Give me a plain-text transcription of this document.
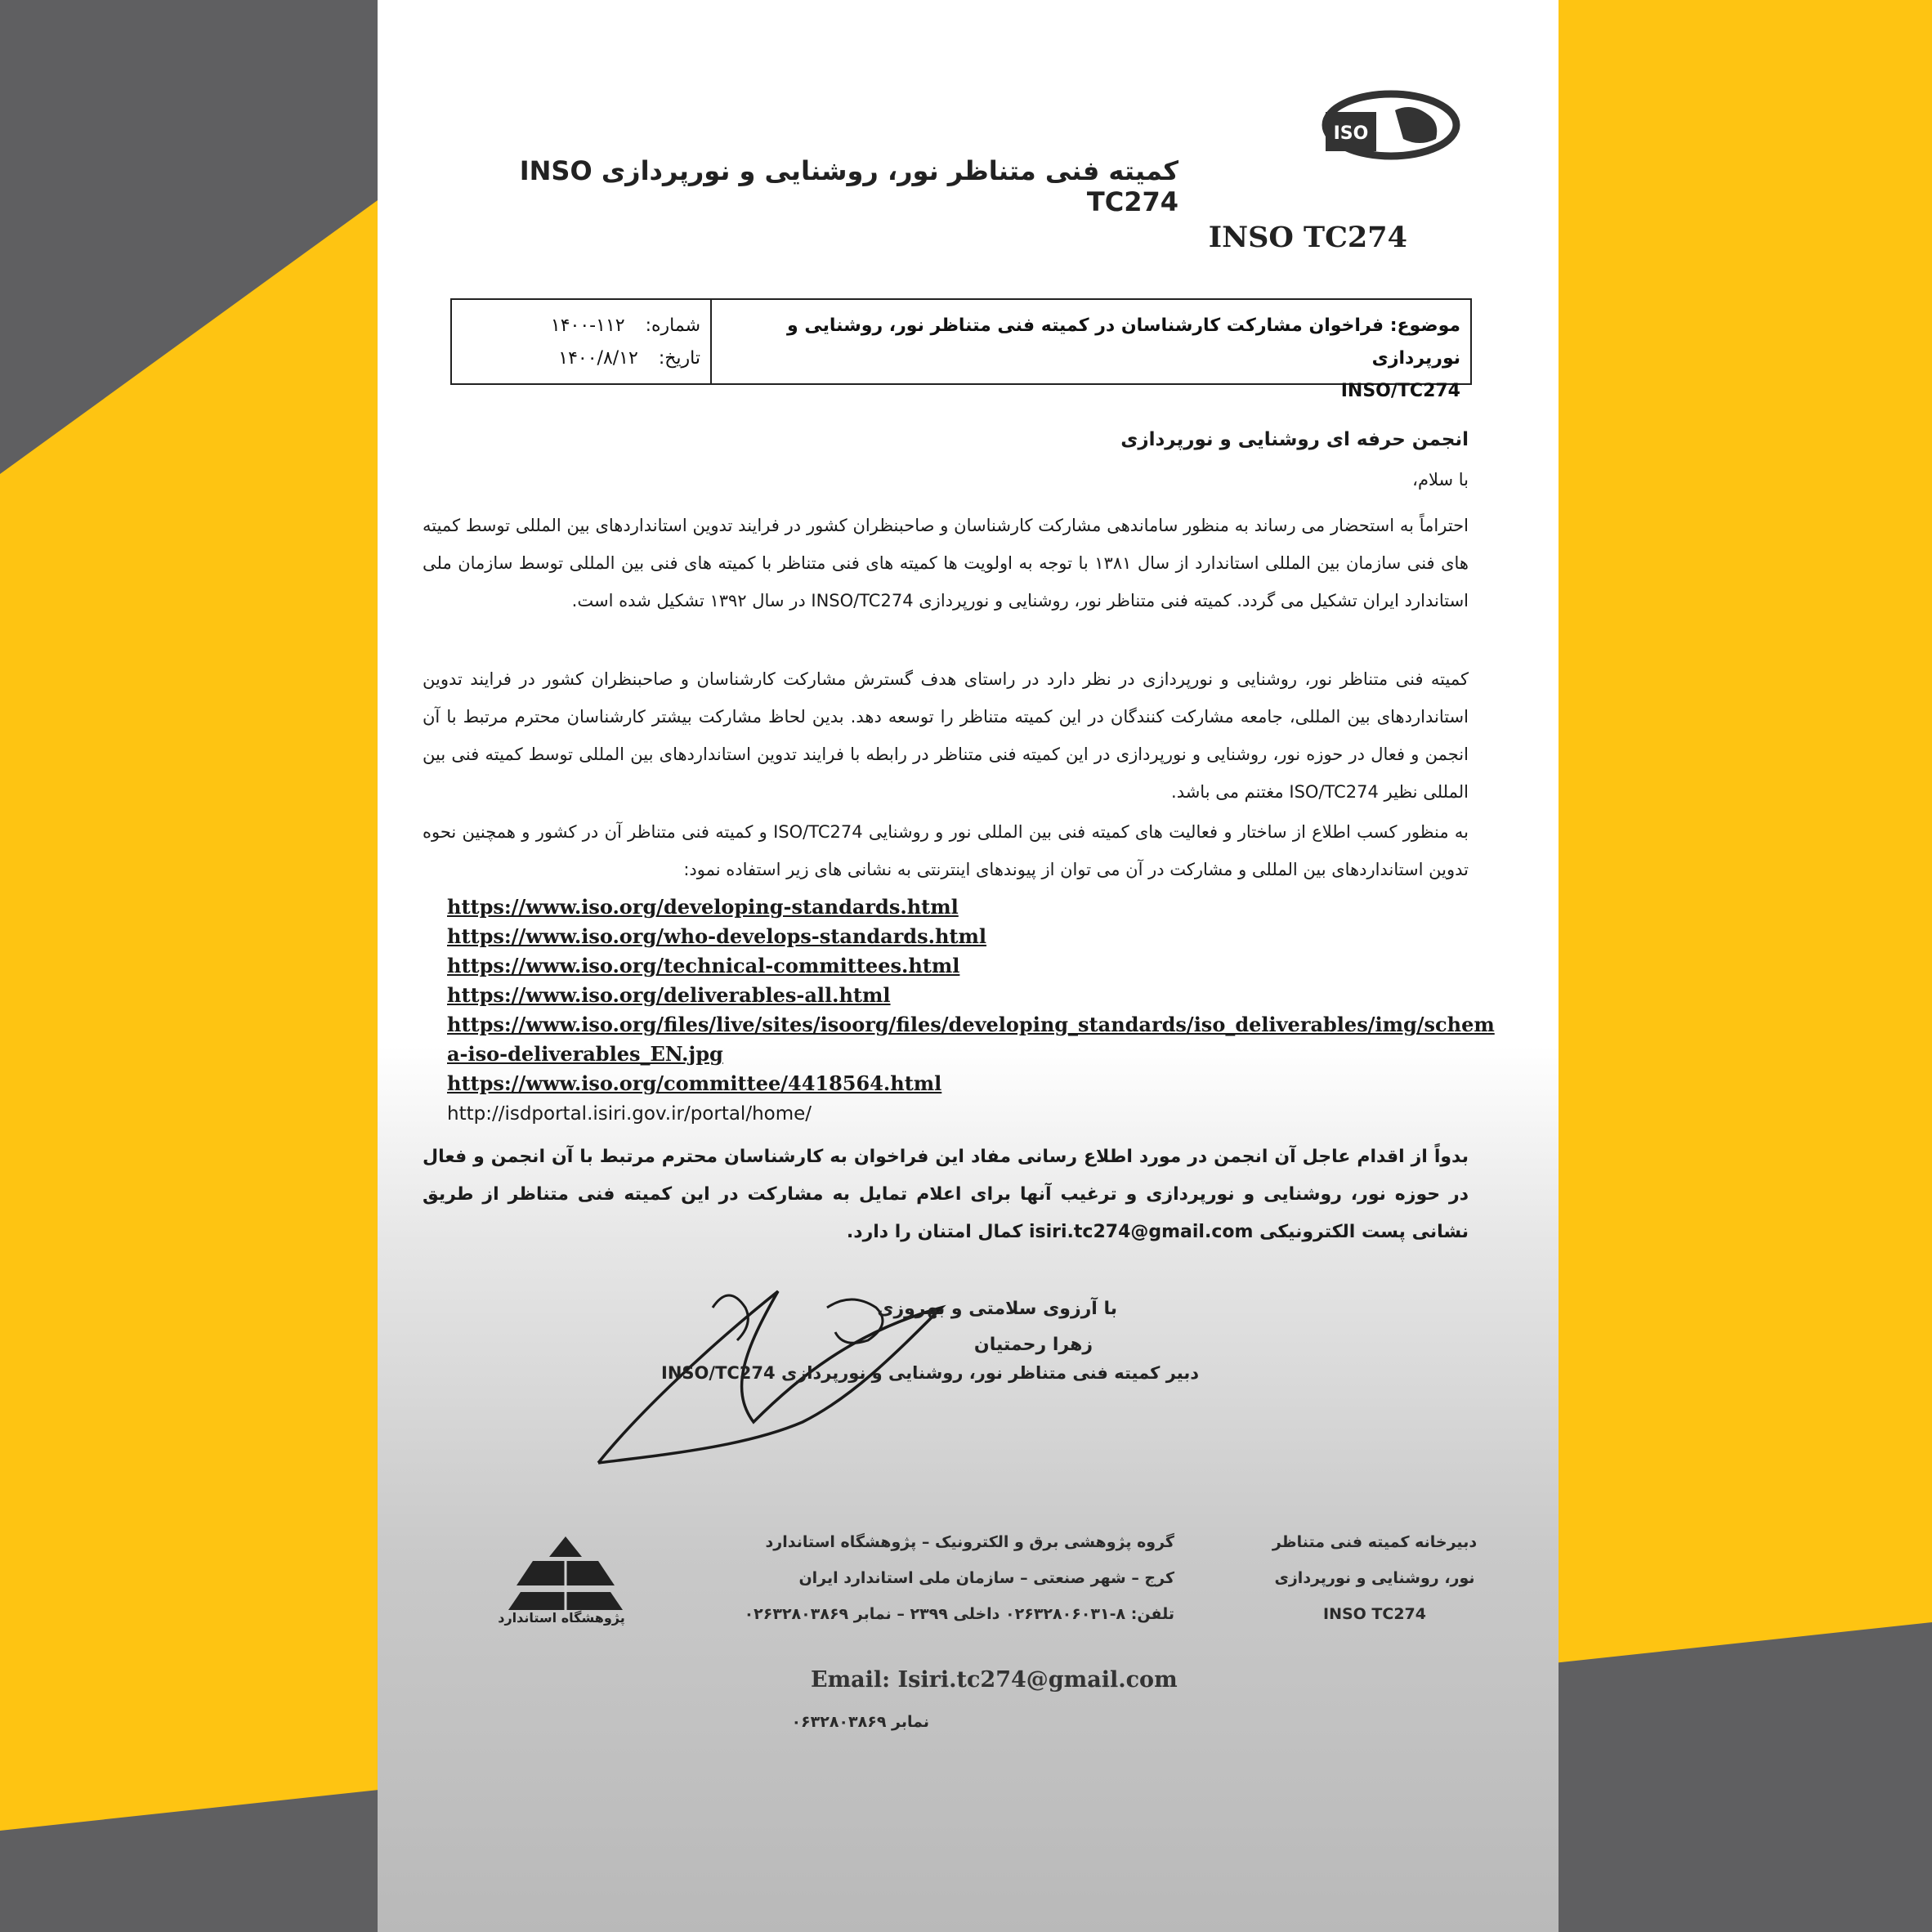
ISO
کمیته فنی متناظر نور، روشنایی و نورپردازی INSO TC274
INSO TC274
موضوع: فراخوان مشارکت کارشناسان در کمیته فنی متناظر نور، روشنایی و نورپردازی
INSO/TC274
شماره: ۱۱۲-۱۴۰۰
تاریخ: ۱۴۰۰/۸/۱۲
انجمن حرفه ای روشنایی و نورپردازی
با سلام،
احتراماً به استحضار می رساند به منظور ساماندهی مشارکت کارشناسان و صاحبنظران کشور در فرایند تدوین استانداردهای بین المللی توسط کمیته های فنی سازمان بین المللی استاندارد از سال ۱۳۸۱ با توجه به اولویت ها کمیته های فنی متناظر با کمیته های فنی بین المللی توسط سازمان ملی استاندارد ایران تشکیل می گردد. کمیته فنی متناظر نور، روشنایی و نورپردازی INSO/TC274 در سال ۱۳۹۲ تشکیل شده است.
کمیته فنی متناظر نور، روشنایی و نورپردازی در نظر دارد در راستای هدف گسترش مشارکت کارشناسان و صاحبنظران کشور در فرایند تدوین استانداردهای بین المللی، جامعه مشارکت کنندگان در این کمیته متناظر را توسعه دهد. بدین لحاظ مشارکت بیشتر کارشناسان محترم مرتبط با آن انجمن و فعال در حوزه نور، روشنایی و نورپردازی در این کمیته فنی متناظر در رابطه با فرایند تدوین استانداردهای بین المللی توسط کمیته فنی بین المللی نظیر ISO/TC274 مغتنم می باشد.
به منظور کسب اطلاع از ساختار و فعالیت های کمیته فنی بین المللی نور و روشنایی ISO/TC274 و کمیته فنی متناظر آن در کشور و همچنین نحوه تدوین استانداردهای بین المللی و مشارکت در آن می توان از پیوندهای اینترنتی به نشانی های زیر استفاده نمود:
https://www.iso.org/developing-standards.html
https://www.iso.org/who-develops-standards.html
https://www.iso.org/technical-committees.html
https://www.iso.org/deliverables-all.html
https://www.iso.org/files/live/sites/isoorg/files/developing_standards/iso_deliverables/img/schem
a-iso-deliverables_EN.jpg
https://www.iso.org/committee/4418564.html
http://isdportal.isiri.gov.ir/portal/home/
بدواً از اقدام عاجل آن انجمن در مورد اطلاع رسانی مفاد این فراخوان به کارشناسان محترم مرتبط با آن انجمن و فعال در حوزه نور، روشنایی و نورپردازی و ترغیب آنها برای اعلام تمایل به مشارکت در این کمیته فنی متناظر از طریق نشانی پست الکترونیکی isiri.tc274@gmail.com کمال امتنان را دارد.
با آرزوی سلامتی و بهروزی
زهرا رحمتیان
دبیر کمیته فنی متناظر نور، روشنایی و نورپردازی INSO/TC274
پژوهشگاه استاندارد
گروه پژوهشی برق و الکترونیک – پژوهشگاه استاندارد
کرج – شهر صنعتی – سازمان ملی استاندارد ایران
تلفن: ۸-۰۲۶۳۲۸۰۶۰۳۱ داخلی ۲۳۹۹ – نمابر ۰۲۶۳۲۸۰۳۸۶۹
Email: Isiri.tc274@gmail.com
نمابر ۰۶۳۲۸۰۳۸۶۹
دبیرخانه کمیته فنی متناظر
نور، روشنایی و نورپردازی
INSO TC274
